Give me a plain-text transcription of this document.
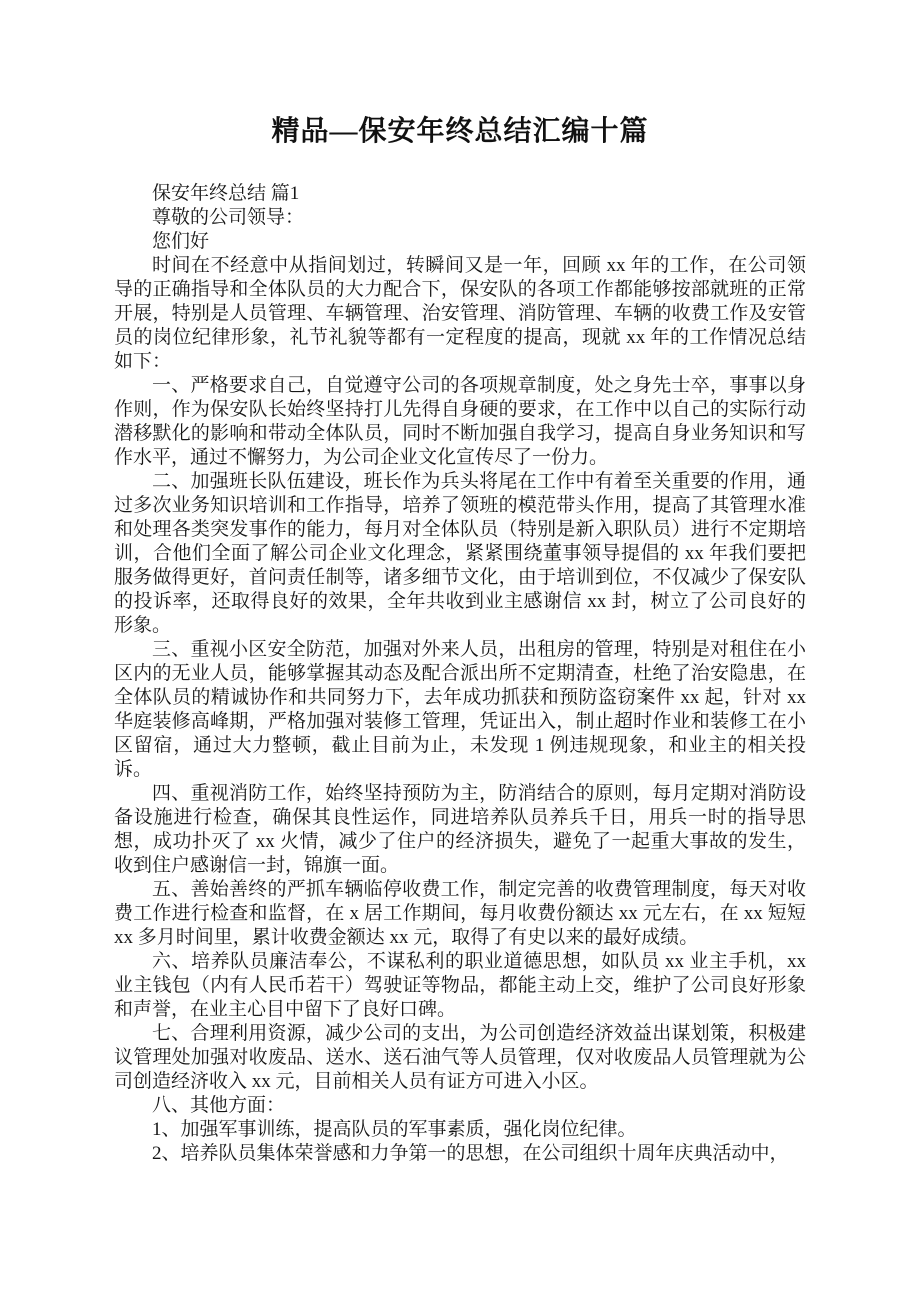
精品—保安年终总结汇编十篇

保安年终总结 篇1

尊敬的公司领导：

您们好

时间在不经意中从指间划过，转瞬间又是一年，回顾 xx 年的工作，在公司领导的正确指导和全体队员的大力配合下，保安队的各项工作都能够按部就班的正常开展，特别是人员管理、车辆管理、治安管理、消防管理、车辆的收费工作及安管员的岗位纪律形象，礼节礼貌等都有一定程度的提高，现就 xx 年的工作情况总结如下：

一、严格要求自己，自觉遵守公司的各项规章制度，处之身先士卒，事事以身作则，作为保安队长始终坚持打儿先得自身硬的要求，在工作中以自己的实际行动潜移默化的影响和带动全体队员，同时不断加强自我学习，提高自身业务知识和写作水平，通过不懈努力，为公司企业文化宣传尽了一份力。

二、加强班长队伍建设，班长作为兵头将尾在工作中有着至关重要的作用，通过多次业务知识培训和工作指导，培养了领班的模范带头作用，提高了其管理水准和处理各类突发事作的能力，每月对全体队员（特别是新入职队员）进行不定期培训，合他们全面了解公司企业文化理念，紧紧围绕董事领导提倡的 xx 年我们要把服务做得更好，首问责任制等，诸多细节文化，由于培训到位，不仅减少了保安队的投诉率，还取得良好的效果，全年共收到业主感谢信 xx 封，树立了公司良好的形象。

三、重视小区安全防范，加强对外来人员，出租房的管理，特别是对租住在小区内的无业人员，能够掌握其动态及配合派出所不定期清查，杜绝了治安隐患，在全体队员的精诚协作和共同努力下，去年成功抓获和预防盗窃案件 xx 起，针对 xx 华庭装修高峰期，严格加强对装修工管理，凭证出入，制止超时作业和装修工在小区留宿，通过大力整顿，截止目前为止，未发现 1 例违规现象，和业主的相关投诉。

四、重视消防工作，始终坚持预防为主，防消结合的原则，每月定期对消防设备设施进行检查，确保其良性运作，同进培养队员养兵千日，用兵一时的指导思想，成功扑灭了 xx 火情，减少了住户的经济损失，避免了一起重大事故的发生，收到住户感谢信一封，锦旗一面。

五、善始善终的严抓车辆临停收费工作，制定完善的收费管理制度，每天对收费工作进行检查和监督，在 x 居工作期间，每月收费份额达 xx 元左右，在 xx 短短 xx 多月时间里，累计收费金额达 xx 元，取得了有史以来的最好成绩。

六、培养队员廉洁奉公，不谋私利的职业道德思想，如队员 xx 业主手机，xx 业主钱包（内有人民币若干）驾驶证等物品，都能主动上交，维护了公司良好形象和声誉，在业主心目中留下了良好口碑。

七、合理利用资源，减少公司的支出，为公司创造经济效益出谋划策，积极建议管理处加强对收废品、送水、送石油气等人员管理，仅对收废品人员管理就为公司创造经济收入 xx 元，目前相关人员有证方可进入小区。

八、其他方面：

1、加强军事训练，提高队员的军事素质，强化岗位纪律。

2、培养队员集体荣誉感和力争第一的思想，在公司组织十周年庆典活动中，
